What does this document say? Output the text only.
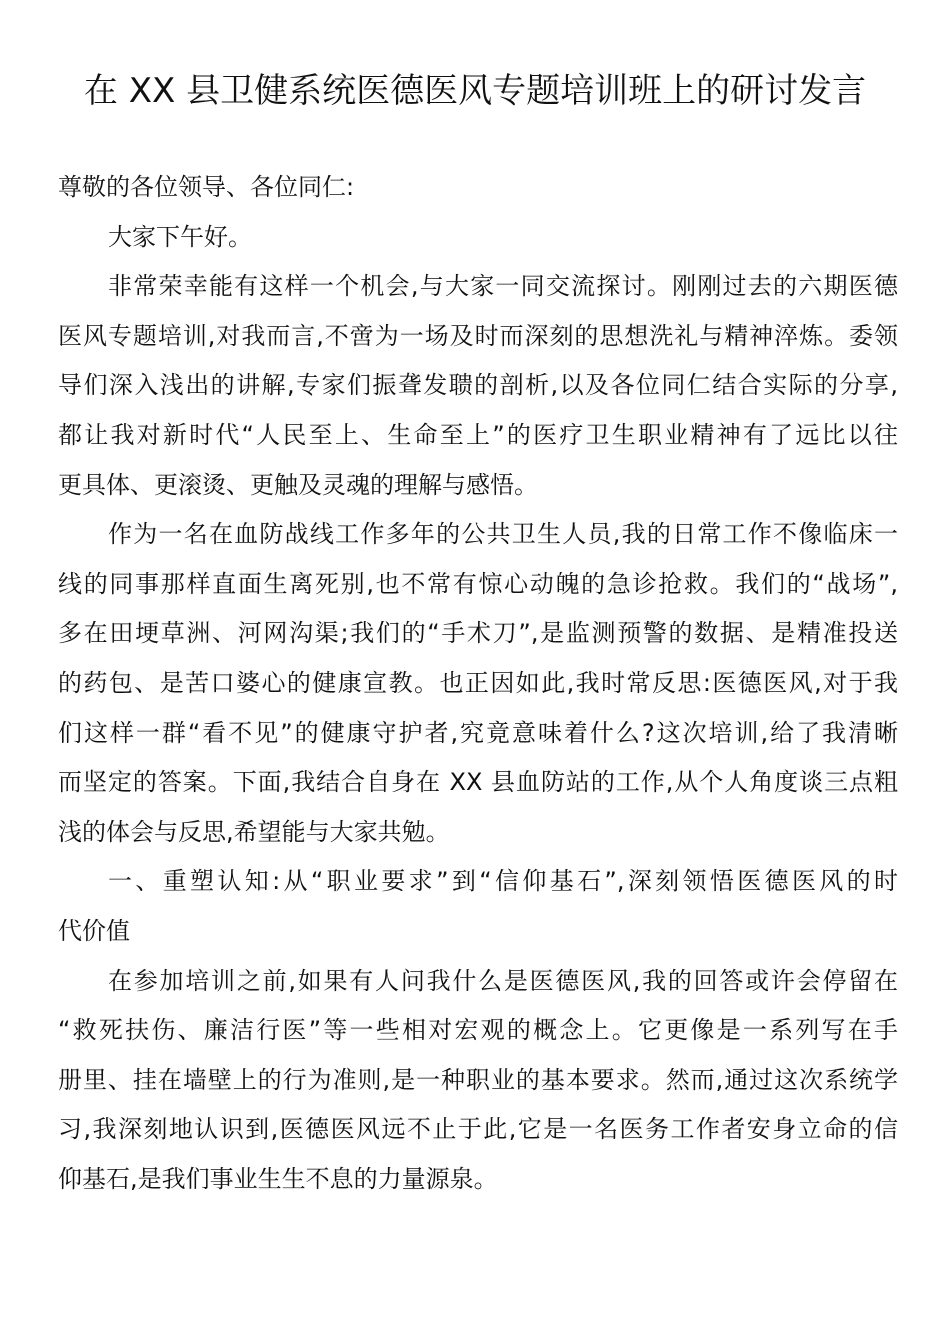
在 XX 县卫健系统医德医风专题培训班上的研讨发言
尊敬的各位领导、各位同仁:
大家下午好。
非常荣幸能有这样一个机会,与大家一同交流探讨。刚刚过去的六期医德
医风专题培训,对我而言,不啻为一场及时而深刻的思想洗礼与精神淬炼。委领
导们深入浅出的讲解,专家们振聋发聩的剖析,以及各位同仁结合实际的分享,
都让我对新时代“人民至上、生命至上”的医疗卫生职业精神有了远比以往
更具体、更滚烫、更触及灵魂的理解与感悟。
作为一名在血防战线工作多年的公共卫生人员,我的日常工作不像临床一
线的同事那样直面生离死别,也不常有惊心动魄的急诊抢救。我们的“战场”,
多在田埂草洲、河网沟渠;我们的“手术刀”,是监测预警的数据、是精准投送
的药包、是苦口婆心的健康宣教。也正因如此,我时常反思:医德医风,对于我
们这样一群“看不见”的健康守护者,究竟意味着什么?这次培训,给了我清晰
而坚定的答案。下面,我结合自身在 XX 县血防站的工作,从个人角度谈三点粗
浅的体会与反思,希望能与大家共勉。
一、重塑认知:从“职业要求”到“信仰基石”,深刻领悟医德医风的时
代价值
在参加培训之前,如果有人问我什么是医德医风,我的回答或许会停留在
“救死扶伤、廉洁行医”等一些相对宏观的概念上。它更像是一系列写在手
册里、挂在墙壁上的行为准则,是一种职业的基本要求。然而,通过这次系统学
习,我深刻地认识到,医德医风远不止于此,它是一名医务工作者安身立命的信
仰基石,是我们事业生生不息的力量源泉。
